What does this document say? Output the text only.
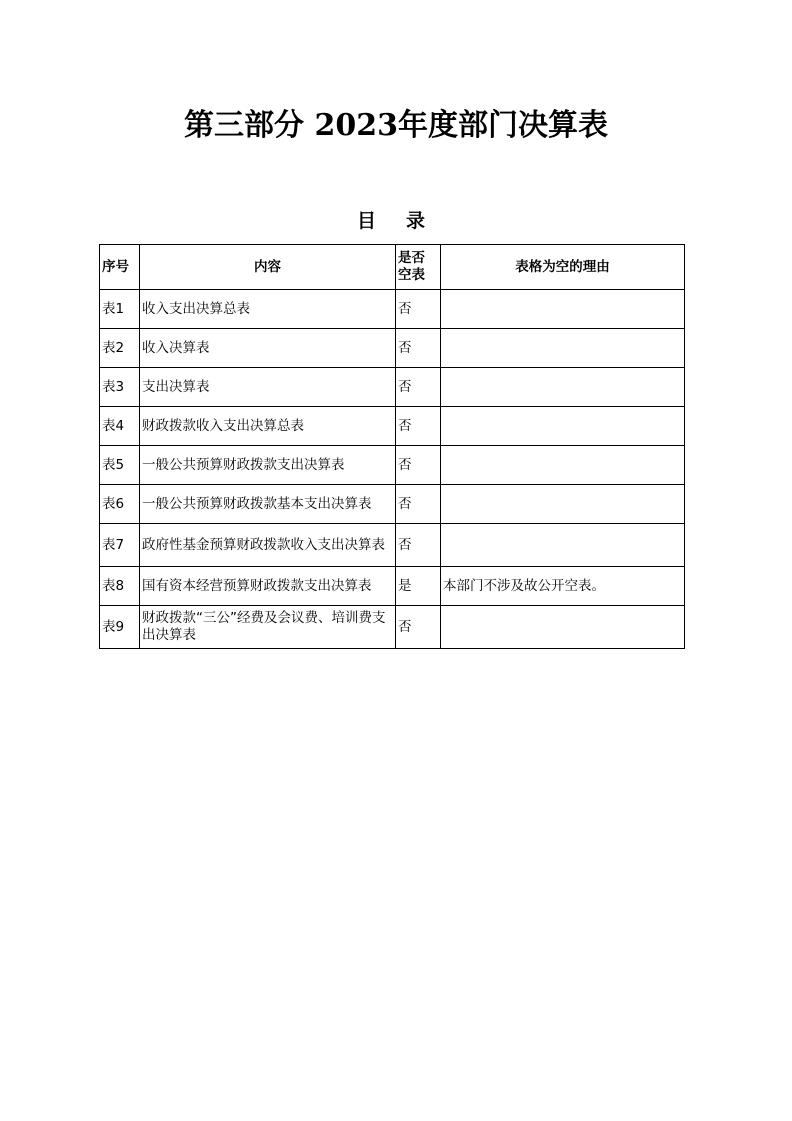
第三部分 2023年度部门决算表
目 录
序号	内容	是否空表	表格为空的理由
表1	收入支出决算总表	否	
表2	收入决算表	否	
表3	支出决算表	否	
表4	财政拨款收入支出决算总表	否	
表5	一般公共预算财政拨款支出决算表	否	
表6	一般公共预算财政拨款基本支出决算表	否	
表7	政府性基金预算财政拨款收入支出决算表	否	
表8	国有资本经营预算财政拨款支出决算表	是	本部门不涉及故公开空表。
表9	财政拨款“三公”经费及会议费、培训费支出决算表	否	
